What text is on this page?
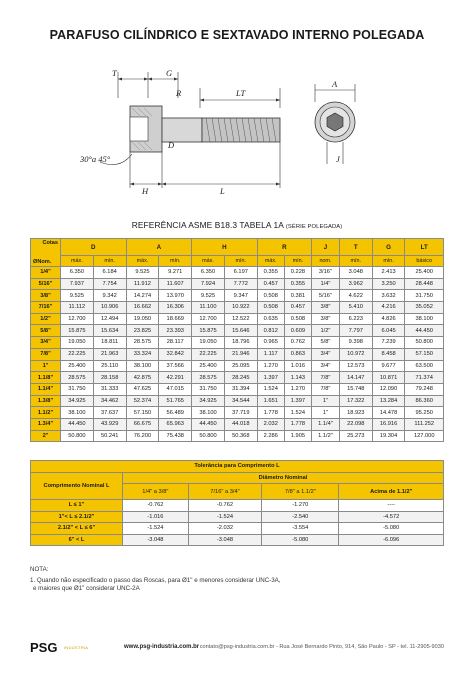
PARAFUSO CILÍNDRICO E SEXTAVADO INTERNO POLEGADA
T	G
R	LT
D
30°a 45°
H	L
A
J
REFERÊNCIA ASME B18.3 TABELA 1A (SÉRIE POLEGADA)
Cotas
ØNom.	D		A		H		R		J	T	G	LT
	máx.	mín.	máx.	mín.	máx.	mín.	máx.	mín.	nom.	mín.	mín.	básico
1/4"	6.350	6.184	9.525	9.271	6.350	6.197	0.355	0.228	3/16"	3.048	2.413	25.400
5/16"	7.937	7.754	11.912	11.607	7.924	7.772	0.457	0.355	1/4"	3.962	3.250	28.448
3/8"	9.525	9.342	14.274	13.970	9.525	9.347	0.508	0.381	5/16"	4.622	3.632	31.750
7/16"	11.112	10.906	16.662	16.306	11.100	10.922	0.508	0.457	3/8"	5.410	4.216	35.052
1/2"	12.700	12.494	19.050	18.669	12.700	12.522	0.635	0.508	3/8"	6.223	4.826	38.100
5/8"	15.875	15.634	23.825	23.393	15.875	15.646	0.812	0.609	1/2"	7.797	6.045	44.450
3/4"	19.050	18.811	28.575	28.117	19.050	18.796	0.965	0.762	5/8"	9.398	7.239	50.800
7/8"	22.225	21.963	33.324	32.842	22.225	21.946	1.117	0.863	3/4"	10.972	8.458	57.150
1"	25.400	25.110	38.100	37.566	25.400	25.095	1.270	1.016	3/4"	12.573	9.677	63.500
1.1/8"	28.575	28.158	42.875	42.291	28.575	28.245	1.397	1.143	7/8"	14.147	10.871	71.374
1.1/4"	31.750	31.333	47.625	47.015	31.750	31.394	1.524	1.270	7/8"	15.748	12.090	79.248
1.3/8"	34.925	34.462	52.374	51.765	34.925	34.544	1.651	1.397	1"	17.322	13.284	86.360
1.1/2"	38.100	37.637	57.150	56.489	38.100	37.719	1.778	1.524	1"	18.923	14.478	95.250
1.3/4"	44.450	43.929	66.675	65.963	44.450	44.018	2.032	1.778	1.1/4"	22.098	16.916	111.252
2"	50.800	50.241	76.200	75.438	50.800	50.368	2.286	1.905	1.1/2"	25.273	19.304	127.000
Tolerância para Comprimento L				
Comprimento Nominal L	Diâmetro Nominal			
	1/4" a 3/8"	7/16" a 3/4"	7/8" a 1.1/2"	Acima de 1.1/2"
L ≤ 1"	-0.762	-0.762	-1.270	----
1"< L ≤ 2.1/2"	-1.016	-1.524	-2.540	-4.572
2.1/2" < L ≤ 6"	-1.524	-2.032	-3.554	-5.080
6" < L	-3.048	-3.048	-5.080	-6.096
NOTA:
1. Quando não especificado o passo das Roscas, para Ø1" e menores considerar UNC-3A,
e maiores que Ø1" considerar UNC-2A
PSG INDÚSTRIA	www.psg-industria.com.br contato@psg-industria.com.br - Rua José Bernardo Pinto, 914, São Paulo - SP - tel. 11-2905-9030
